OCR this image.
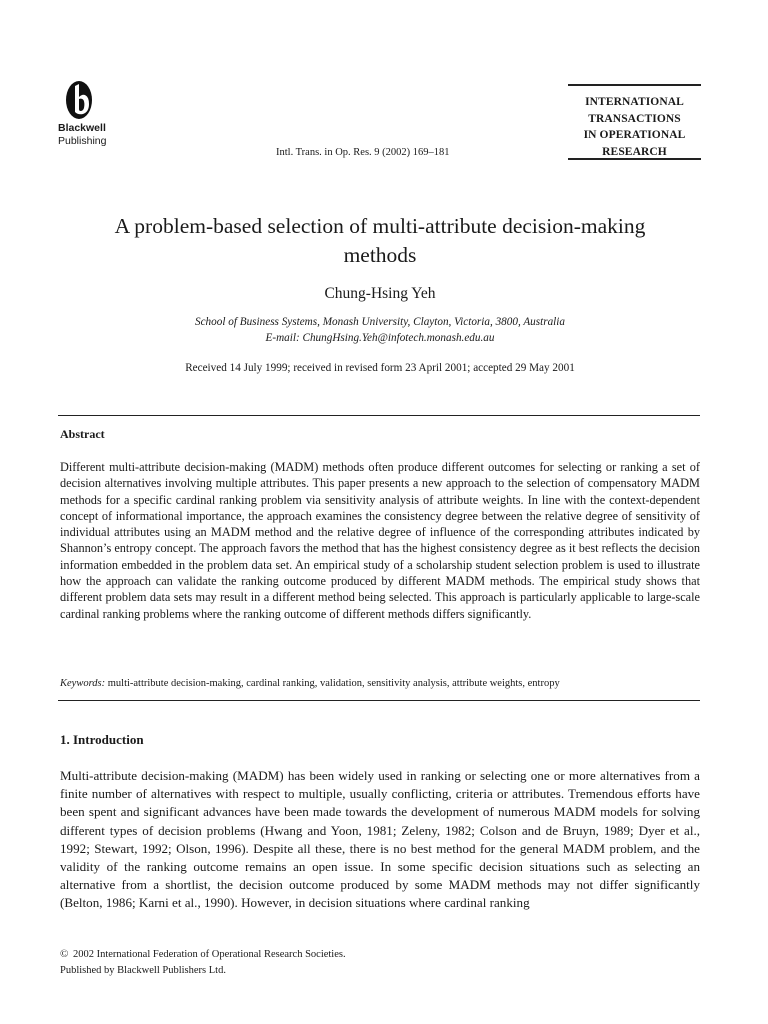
Blackwell
Publishing
Intl. Trans. in Op. Res. 9 (2002) 169–181
INTERNATIONAL
TRANSACTIONS
IN OPERATIONAL
RESEARCH
A problem-based selection of multi-attribute decision-making
methods
Chung-Hsing Yeh
School of Business Systems, Monash University, Clayton, Victoria, 3800, Australia
E-mail: ChungHsing.Yeh@infotech.monash.edu.au
Received 14 July 1999; received in revised form 23 April 2001; accepted 29 May 2001
Abstract
Different multi-attribute decision-making (MADM) methods often produce different outcomes for selecting or ranking a set of decision alternatives involving multiple attributes. This paper presents a new approach to the selection of compensatory MADM methods for a specific cardinal ranking problem via sensitivity analysis of attribute weights. In line with the context-dependent concept of informational importance, the approach examines the consistency degree between the relative degree of sensitivity of individual attributes using an MADM method and the relative degree of influence of the corresponding attributes indicated by Shannon’s entropy concept. The approach favors the method that has the highest consistency degree as it best reflects the decision information embedded in the problem data set. An empirical study of a scholarship student selection problem is used to illustrate how the approach can validate the ranking outcome produced by different MADM methods. The empirical study shows that different problem data sets may result in a different method being selected. This approach is particularly applicable to large-scale cardinal ranking problems where the ranking outcome of different methods differs significantly.
Keywords: multi-attribute decision-making, cardinal ranking, validation, sensitivity analysis, attribute weights, entropy
1. Introduction
Multi-attribute decision-making (MADM) has been widely used in ranking or selecting one or more alternatives from a finite number of alternatives with respect to multiple, usually conflicting, criteria or attributes. Tremendous efforts have been spent and significant advances have been made towards the development of numerous MADM models for solving different types of decision problems (Hwang and Yoon, 1981; Zeleny, 1982; Colson and de Bruyn, 1989; Dyer et al., 1992; Stewart, 1992; Olson, 1996). Despite all these, there is no best method for the general MADM problem, and the validity of the ranking outcome remains an open issue. In some specific decision situations such as selecting an alternative from a shortlist, the decision outcome produced by some MADM methods may not differ significantly (Belton, 1986; Karni et al., 1990). However, in decision situations where cardinal ranking
© 2002 International Federation of Operational Research Societies.
Published by Blackwell Publishers Ltd.
